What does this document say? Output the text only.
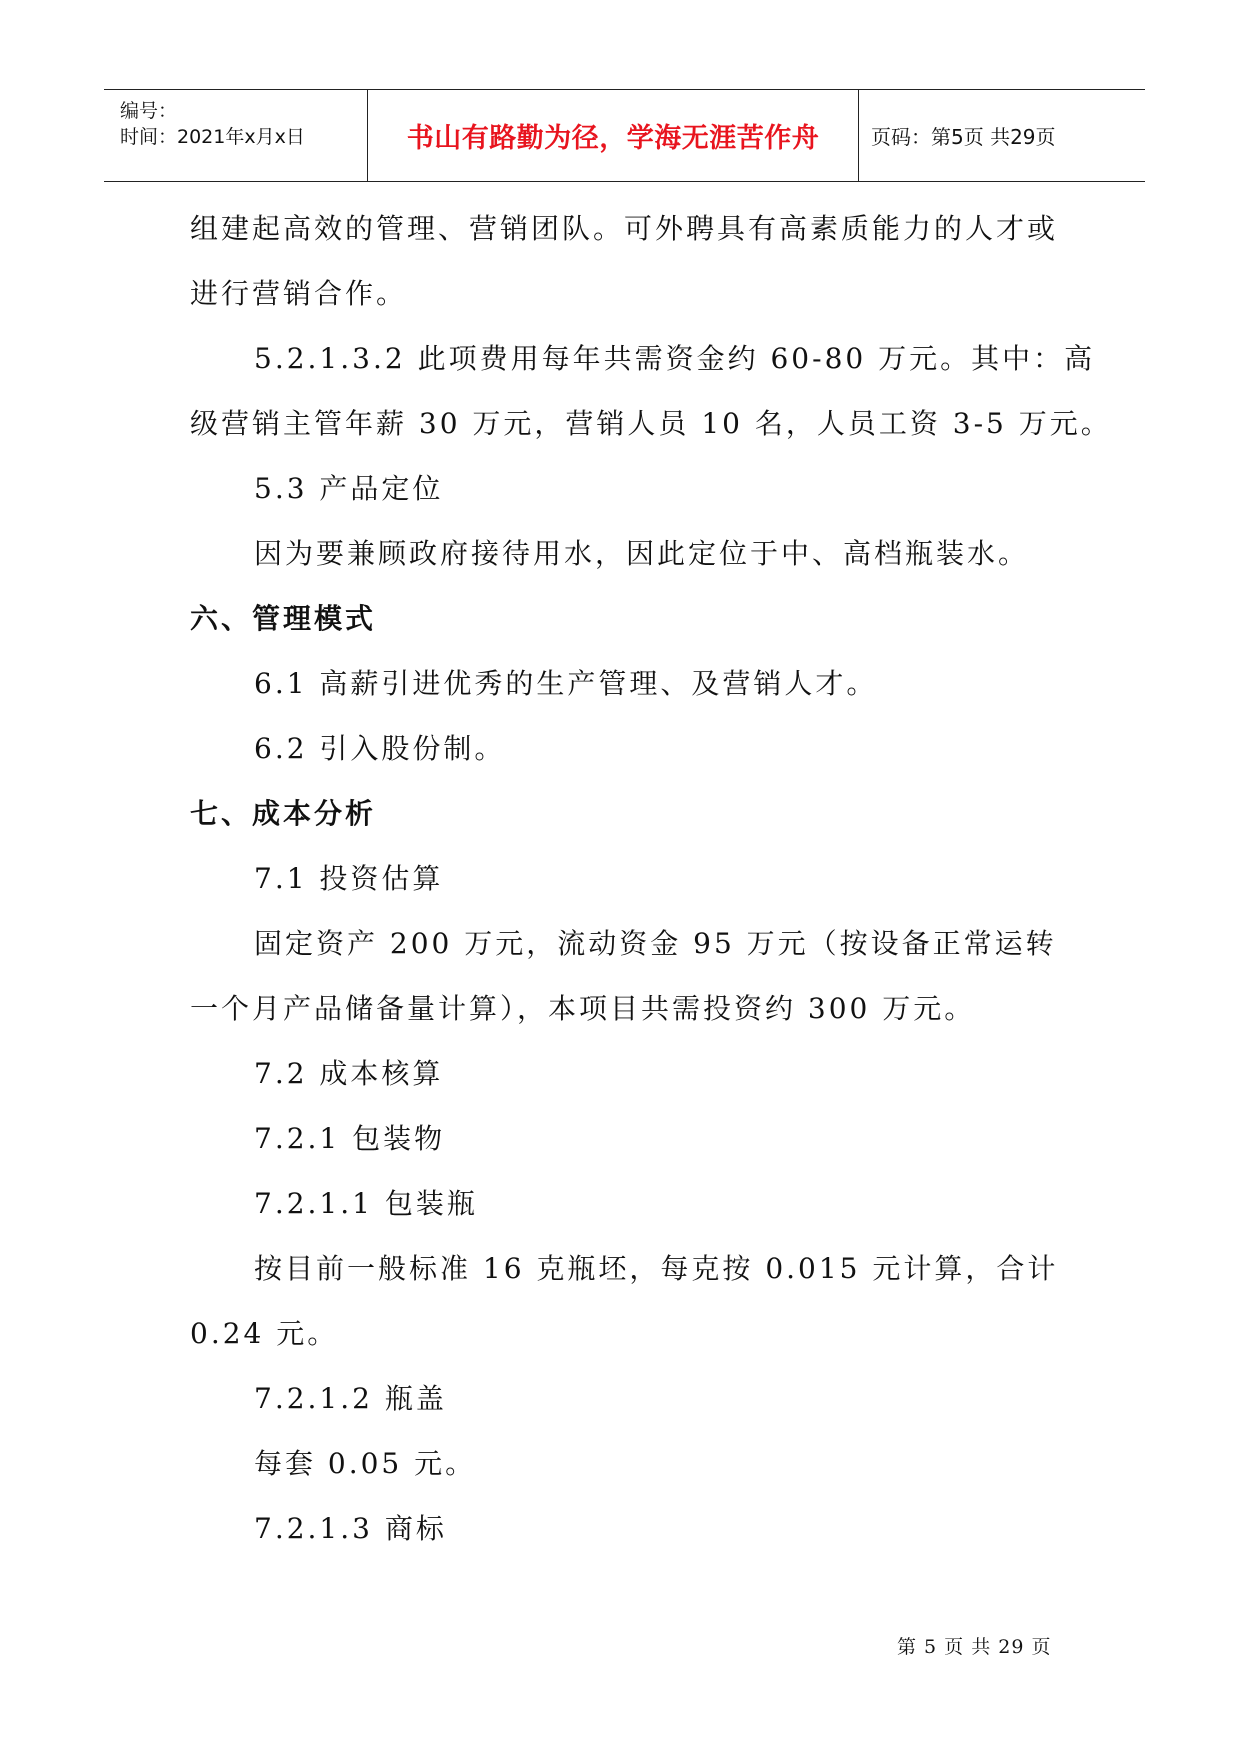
编号：
时间：2021年x月x日	书山有路勤为径，学海无涯苦作舟	页码：第5页 共29页

组建起高效的管理、营销团队。可外聘具有高素质能力的人才或

进行营销合作。

5.2.1.3.2 此项费用每年共需资金约 60-80 万元。其中：高

级营销主管年薪 30 万元，营销人员 10 名，人员工资 3-5 万元。

5.3 产品定位

因为要兼顾政府接待用水，因此定位于中、高档瓶装水。

六、管理模式

6.1 高薪引进优秀的生产管理、及营销人才。

6.2 引入股份制。

七、成本分析

7.1 投资估算

固定资产 200 万元，流动资金 95 万元（按设备正常运转

一个月产品储备量计算），本项目共需投资约 300 万元。

7.2 成本核算

7.2.1 包装物

7.2.1.1 包装瓶

按目前一般标准 16 克瓶坯，每克按 0.015 元计算，合计

0.24 元。

7.2.1.2 瓶盖

每套 0.05 元。

7.2.1.3 商标

第 5 页 共 29 页
